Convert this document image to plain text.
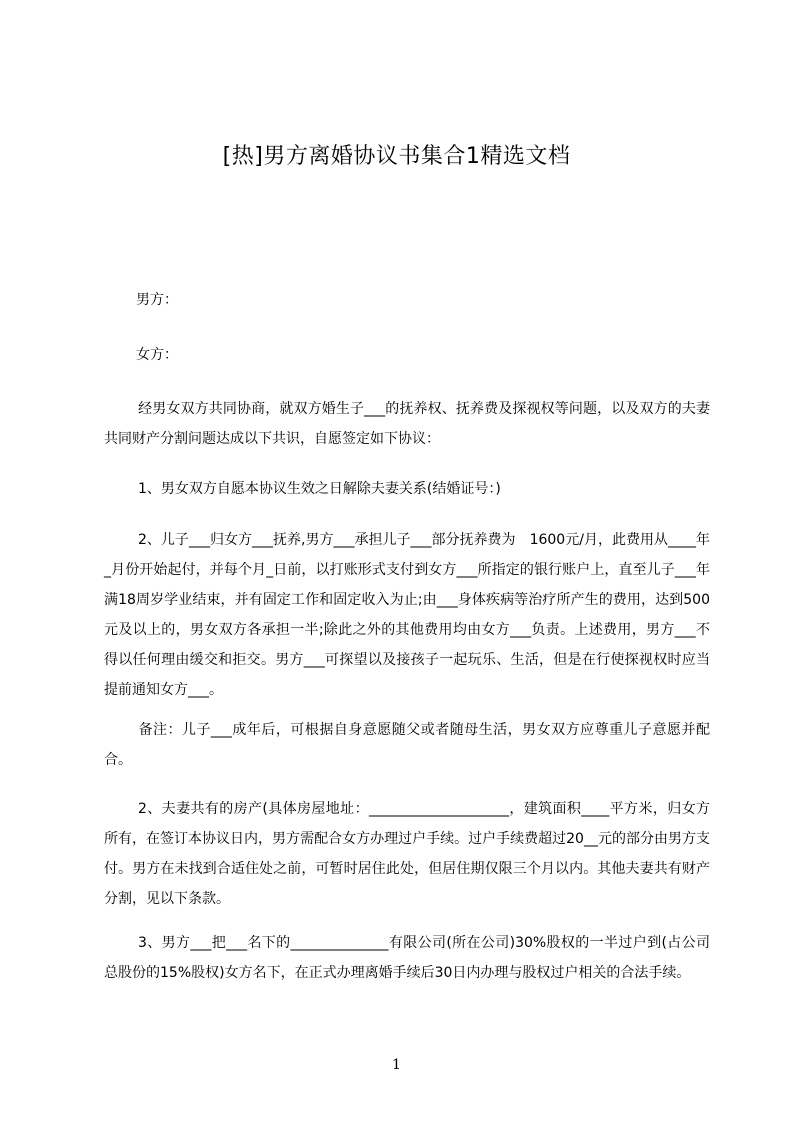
[热]男方离婚协议书集合1精选文档
男方：
女方：
经男女双方共同协商，就双方婚生子___的抚养权、抚养费及探视权等问题，以及双方的夫妻共同财产分割问题达成以下共识，自愿签定如下协议：
1、男女双方自愿本协议生效之日解除夫妻关系(结婚证号：)
2、儿子___归女方___抚养,男方___承担儿子___部分抚养费为　1600元/月，此费用从____年_月份开始起付，并每个月_日前，以打账形式支付到女方___所指定的银行账户上，直至儿子___年满18周岁学业结束，并有固定工作和固定收入为止;由___身体疾病等治疗所产生的费用，达到500元及以上的，男女双方各承担一半;除此之外的其他费用均由女方___负责。上述费用，男方___不得以任何理由缓交和拒交。男方___可探望以及接孩子一起玩乐、生活，但是在行使探视权时应当提前通知女方___。
备注：儿子___成年后，可根据自身意愿随父或者随母生活，男女双方应尊重儿子意愿并配合。
2、夫妻共有的房产(具体房屋地址：____________________，建筑面积____平方米，归女方所有，在签订本协议日内，男方需配合女方办理过户手续。过户手续费超过20__元的部分由男方支付。男方在未找到合适住处之前，可暂时居住此处，但居住期仅限三个月以内。其他夫妻共有财产分割，见以下条款。
3、男方___把___名下的______________有限公司(所在公司)30%股权的一半过户到(占公司总股份的15%股权)女方名下，在正式办理离婚手续后30日内办理与股权过户相关的合法手续。
1
